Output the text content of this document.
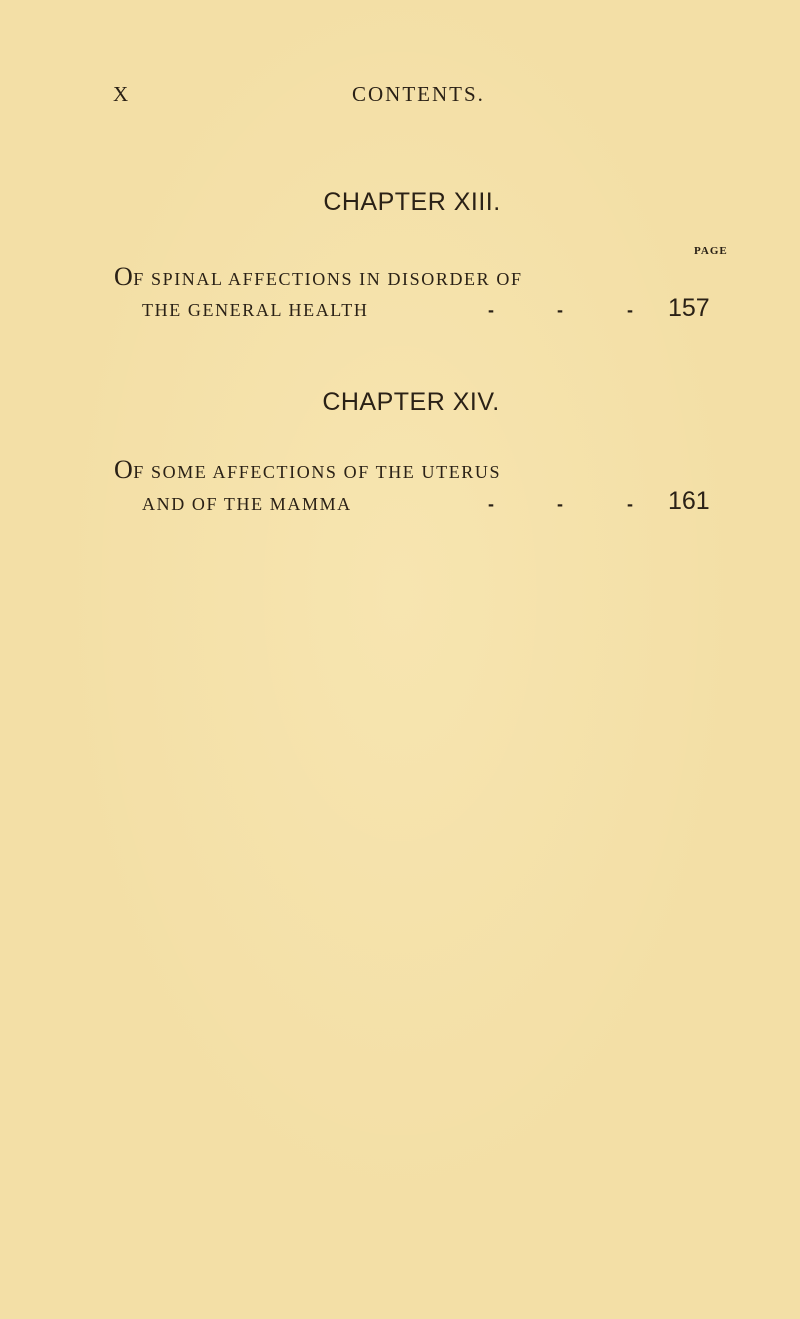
X	CONTENTS.
CHAPTER XIII.
PAGE
OF SPINAL AFFECTIONS IN DISORDER OF
THE GENERAL HEALTH	-	-	- 157
CHAPTER XIV.
OF SOME AFFECTIONS OF THE UTERUS
AND OF THE MAMMA	-	-	- 161
